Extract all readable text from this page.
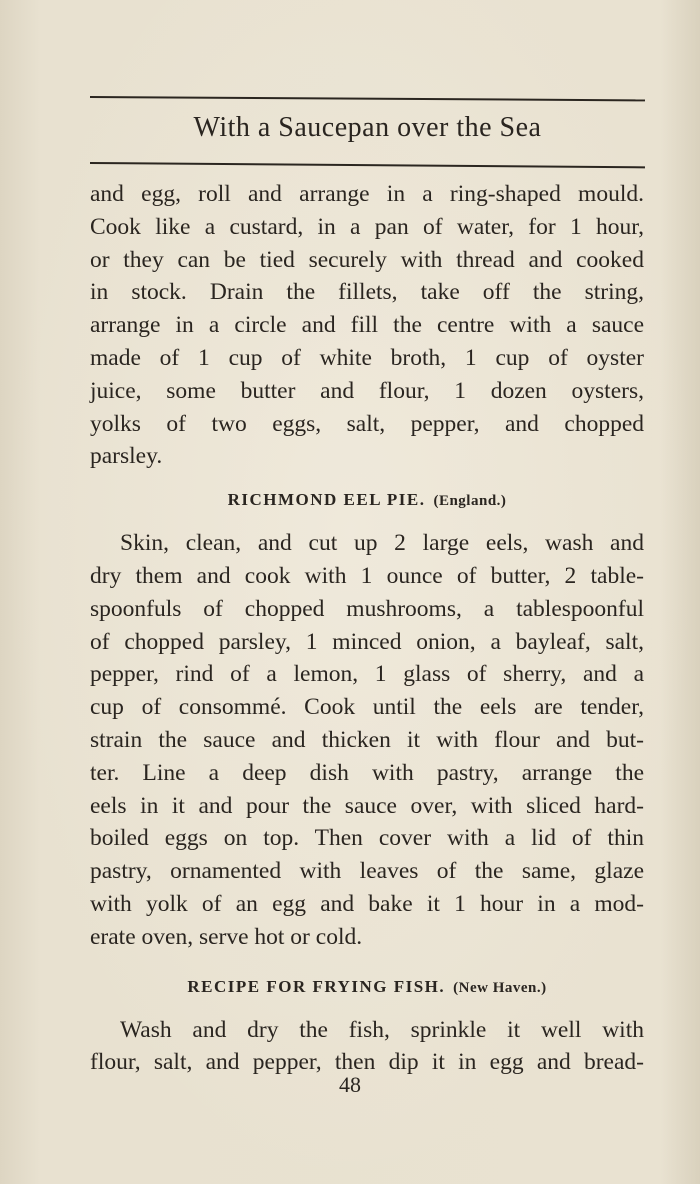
With a Saucepan over the Sea
and egg, roll and arrange in a ring-shaped mould.
Cook like a custard, in a pan of water, for 1 hour,
or they can be tied securely with thread and cooked
in stock. Drain the fillets, take off the string,
arrange in a circle and fill the centre with a sauce
made of 1 cup of white broth, 1 cup of oyster
juice, some butter and flour, 1 dozen oysters,
yolks of two eggs, salt, pepper, and chopped
parsley.
RICHMOND EEL PIE. (England.)
Skin, clean, and cut up 2 large eels, wash and
dry them and cook with 1 ounce of butter, 2 table-
spoonfuls of chopped mushrooms, a tablespoonful
of chopped parsley, 1 minced onion, a bayleaf, salt,
pepper, rind of a lemon, 1 glass of sherry, and a
cup of consommé. Cook until the eels are tender,
strain the sauce and thicken it with flour and but-
ter. Line a deep dish with pastry, arrange the
eels in it and pour the sauce over, with sliced hard-
boiled eggs on top. Then cover with a lid of thin
pastry, ornamented with leaves of the same, glaze
with yolk of an egg and bake it 1 hour in a mod-
erate oven, serve hot or cold.
RECIPE FOR FRYING FISH. (New Haven.)
Wash and dry the fish, sprinkle it well with
flour, salt, and pepper, then dip it in egg and bread-
48
